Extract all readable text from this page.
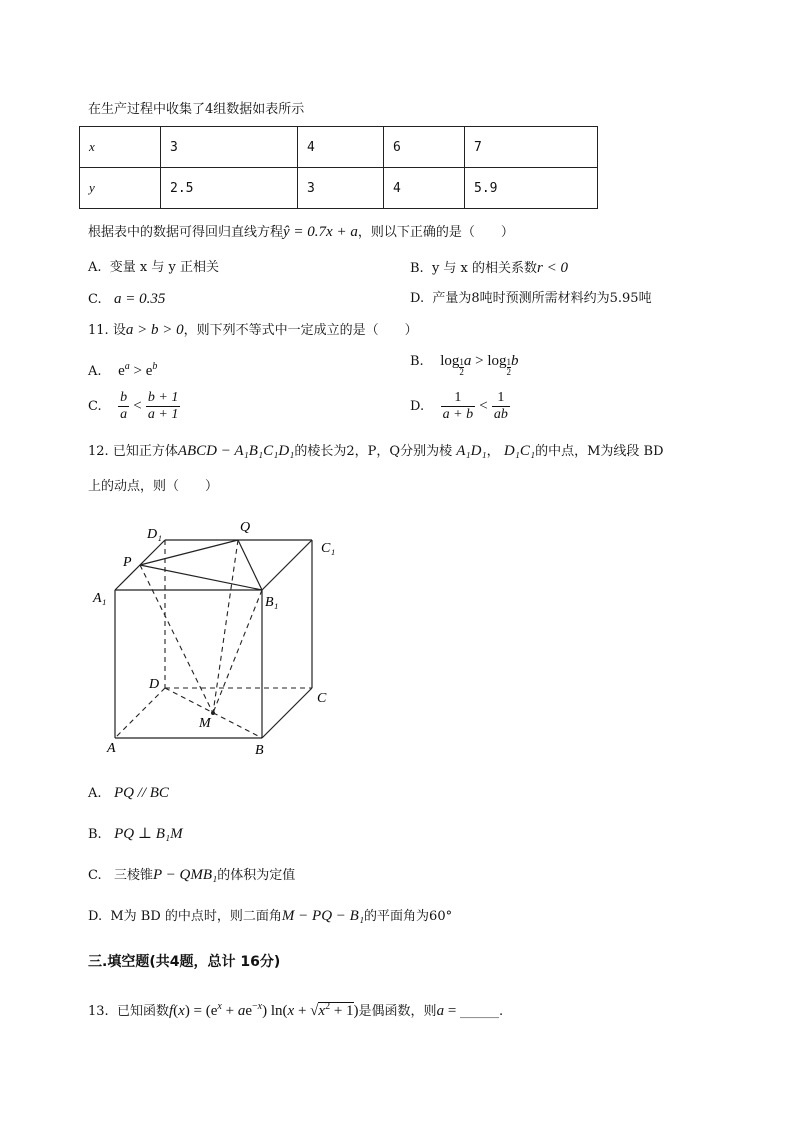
在生产过程中收集了4组数据如表所示
x	3	4	6	7
y	2.5	3	4	5.9
根据表中的数据可得回归直线方程ŷ = 0.7x + a，则以下正确的是（　　）
A. 变量 x 与 y 正相关	B. y 与 x 的相关系数r < 0
C. a = 0.35	D. 产量为8吨时预测所需材料约为5.95吨
11. 设a > b > 0，则下列不等式中一定成立的是（　　）
A. $e^a > e^b$	B. $\log \frac{1}{2}$ $a > \log \frac{1}{2}$ b
C. $\frac{b}{a} < \frac{b + 1}{a + 1}$	D. $\frac{1}{a + b} < \frac{1}{ab}$
12. 已知正方体ABCD − A₁B₁C₁D₁的棱长为2，P，Q分别为棱 A₁D₁， D₁C₁的中点，M为线段 BD
上的动点，则（　　）
D₁	Q
C₁
P
A₁	B₁
D
C
M
A	B
A. PQ // BC
B. PQ ⊥ B₁M
C. 三棱锥P − QMB₁的体积为定值
D. M为 BD 的中点时，则二面角M − PQ − B₁的平面角为60°
三.填空题(共4题，总计 16分)
13. 已知函数$f(x) = (e^x + ae^{-x}) \ln(x + √x^2 + 1)$是偶函数，则a = ______.
